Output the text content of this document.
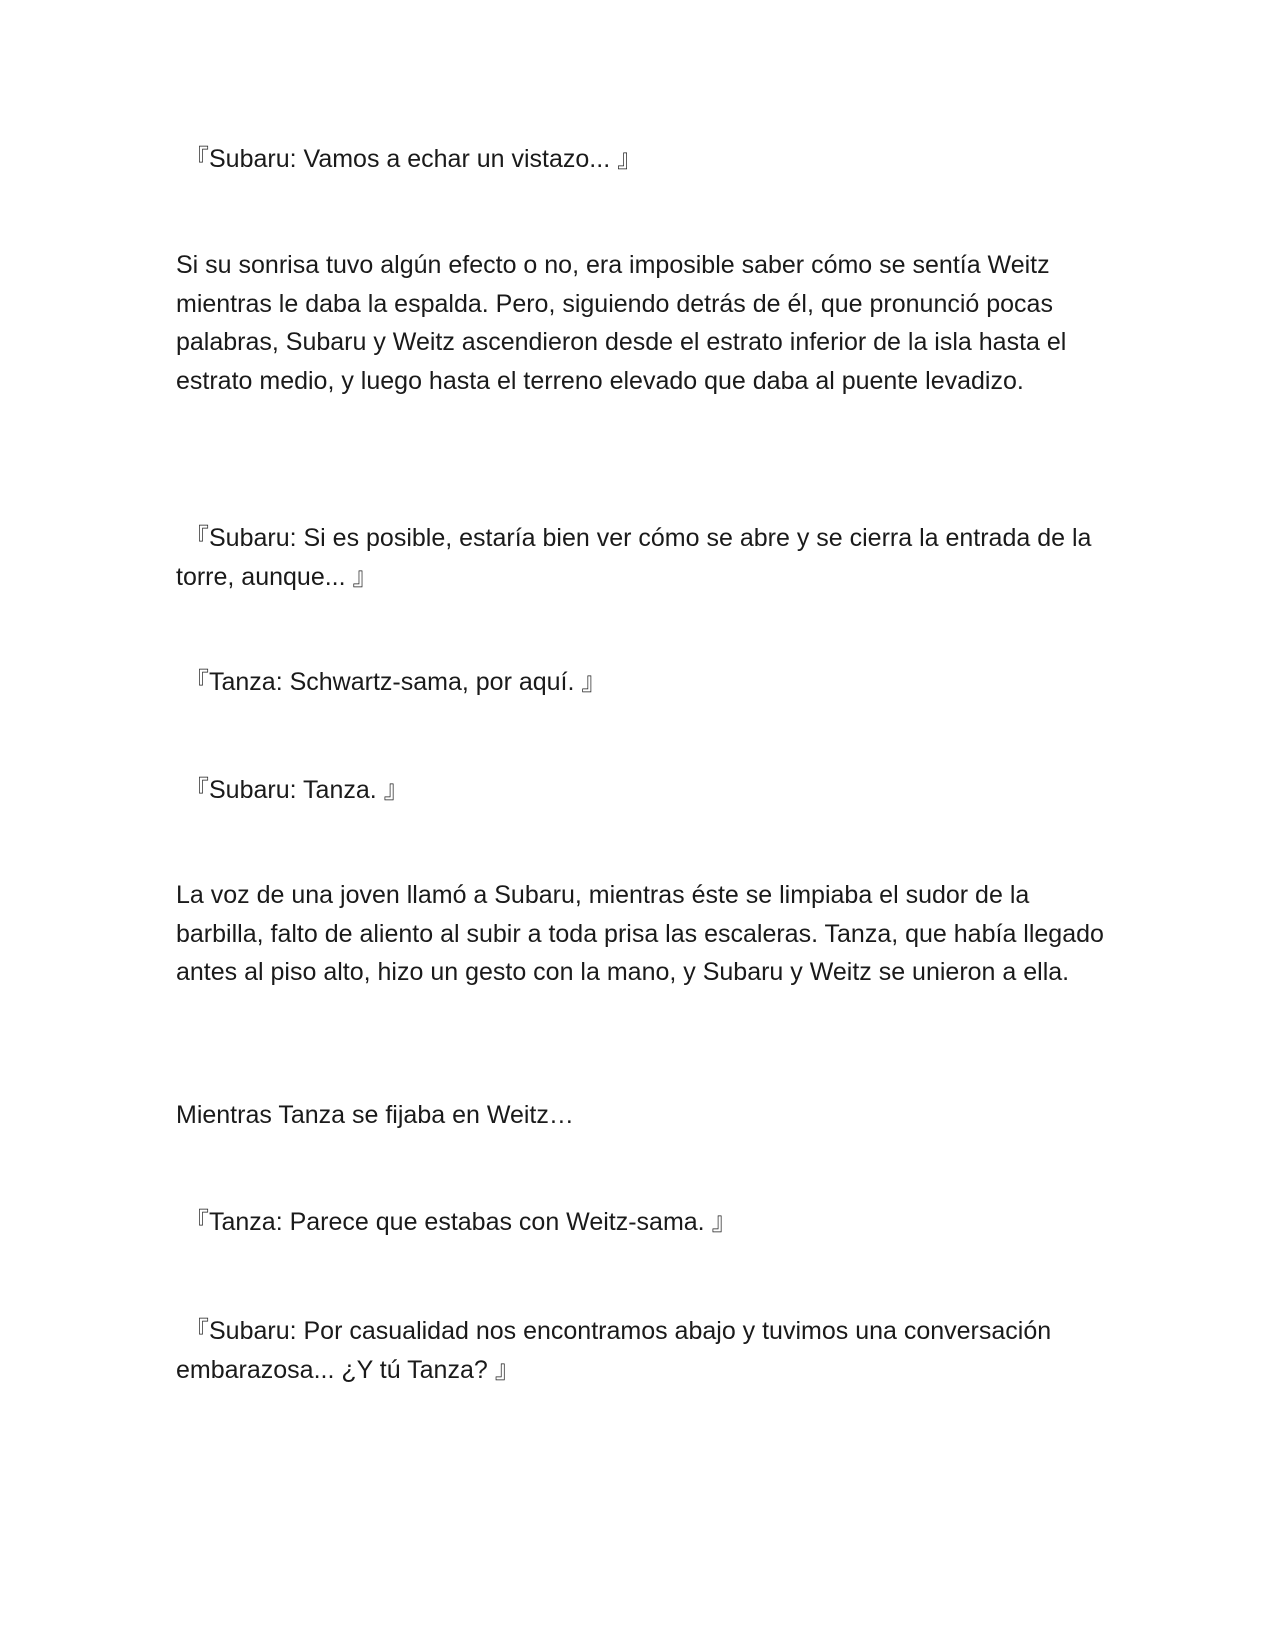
『Subaru: Vamos a echar un vistazo... 』

Si su sonrisa tuvo algún efecto o no, era imposible saber cómo se sentía Weitz mientras le daba la espalda. Pero, siguiendo detrás de él, que pronunció pocas palabras, Subaru y Weitz ascendieron desde el estrato inferior de la isla hasta el estrato medio, y luego hasta el terreno elevado que daba al puente levadizo.

『Subaru: Si es posible, estaría bien ver cómo se abre y se cierra la entrada de la torre, aunque... 』

『Tanza: Schwartz-sama, por aquí. 』

『Subaru: Tanza. 』

La voz de una joven llamó a Subaru, mientras éste se limpiaba el sudor de la barbilla, falto de aliento al subir a toda prisa las escaleras. Tanza, que había llegado antes al piso alto, hizo un gesto con la mano, y Subaru y Weitz se unieron a ella.

Mientras Tanza se fijaba en Weitz…

『Tanza: Parece que estabas con Weitz-sama. 』

『Subaru: Por casualidad nos encontramos abajo y tuvimos una conversación embarazosa... ¿Y tú Tanza? 』
